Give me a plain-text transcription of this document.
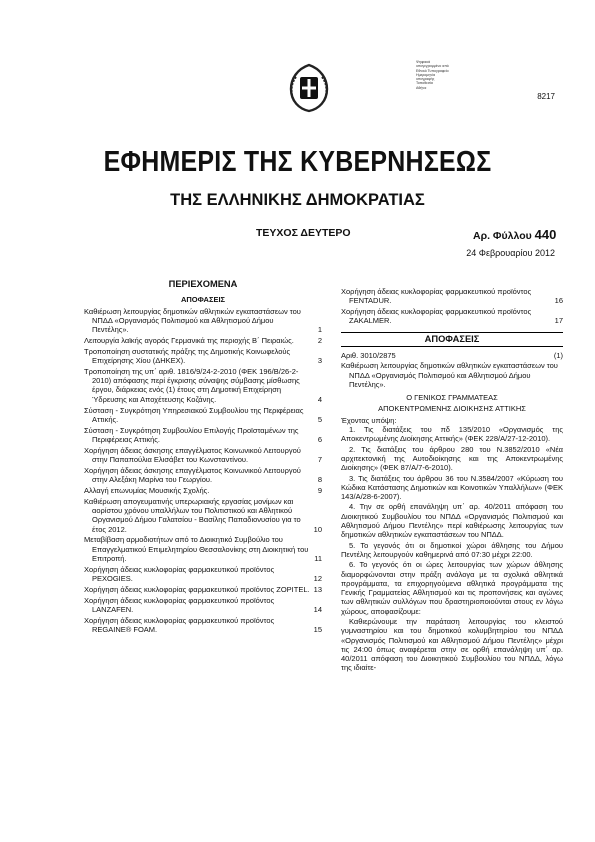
Ψηφιακά
υπογεγραμμένο από
Εθνικό Τυπογραφείο
Ημερομηνία
υπογραφής
Τοποθεσία
Αθήνα
8217
ΕΦΗΜΕΡΙΣ ΤΗΣ ΚΥΒΕΡΝΗΣΕΩΣ
ΤΗΣ ΕΛΛΗΝΙΚΗΣ ΔΗΜΟΚΡΑΤΙΑΣ
ΤΕΥΧΟΣ ΔΕΥΤΕΡΟ	Αρ. Φύλλου 440
24 Φεβρουαρίου 2012
ΠΕΡΙΕΧΟΜΕΝΑ
ΑΠΟΦΑΣΕΙΣ
Καθιέρωση λειτουργίας δημοτικών αθλητικών εγκαταστάσεων του ΝΠΔΔ «Οργανισμός Πολιτισμού και Αθλητισμού Δήμου Πεντέλης».	1
Λειτουργία λαϊκής αγοράς Γερμανικά της περιοχής Β΄ Πειραιώς.	2
Τροποποίηση συστατικής πράξης της Δημοτικής Κοινωφελούς Επιχείρησης Χίου (ΔΗΚΕΧ).	3
Τροποποίηση της υπ΄ αριθ. 1816/9/24-2-2010 (ΦΕΚ 196/Β/26-2-2010) απόφασης περί έγκρισης σύναψης σύμβασης μίσθωσης έργου, διάρκειας ενός (1) έτους στη Δημοτική Επιχείρηση Ύδρευσης και Αποχέτευσης Κοζάνης.	4
Σύσταση - Συγκρότηση Υπηρεσιακού Συμβουλίου της Περιφέρειας Αττικής.	5
Σύσταση - Συγκρότηση Συμβουλίου Επιλογής Προϊσταμένων της Περιφέρειας Αττικής.	6
Χορήγηση άδειας άσκησης επαγγέλματος Κοινωνικού Λειτουργού στην Παπαπούλια Ελισάβετ του Κωνσταντίνου.	7
Χορήγηση άδειας άσκησης επαγγέλματος Κοινωνικού Λειτουργού στην Αλεξάκη Μαρίνα του Γεωργίου.	8
Αλλαγή επωνυμίας Μουσικής Σχολής.	9
Καθιέρωση απογευματινής υπερωριακής εργασίας μονίμων και αορίστου χρόνου υπαλλήλων του Πολιτιστικού και Αθλητικού Οργανισμού Δήμου Γαλατσίου - Βασίλης Παπαδιονυσίου για το έτος 2012.	10
Μεταβίβαση αρμοδιοτήτων από το Διοικητικό Συμβούλιο του Επαγγελματικού Επιμελητηρίου Θεσσαλονίκης στη Διοικητική του Επιτροπή.	11
Χορήγηση άδειας κυκλοφορίας φαρμακευτικού προϊόντος PEXOGIES.	12
Χορήγηση άδειας κυκλοφορίας φαρμακευτικού προϊόντος ZOPITEL. 13
Χορήγηση άδειας κυκλοφορίας φαρμακευτικού προϊόντος LANZAFEN.	14
Χορήγηση άδειας κυκλοφορίας φαρμακευτικού προϊόντος REGAINE® FOAM.	15
Χορήγηση άδειας κυκλοφορίας φαρμακευτικού προϊόντος FENTADUR.	16
Χορήγηση άδειας κυκλοφορίας φαρμακευτικού προϊόντος ZAKALMER.	17
ΑΠΟΦΑΣΕΙΣ
Αριθ. 3010/2875	(1)
Καθιέρωση λειτουργίας δημοτικών αθλητικών εγκαταστάσεων του ΝΠΔΔ «Οργανισμός Πολιτισμού και Αθλητισμού Δήμου Πεντέλης».
Ο ΓΕΝΙΚΟΣ ΓΡΑΜΜΑΤΕΑΣ
ΑΠΟΚΕΝΤΡΩΜΕΝΗΣ ΔΙΟΙΚΗΣΗΣ ΑΤΤΙΚΗΣ
Έχοντας υπόψη:
1. Τις διατάξεις του πδ 135/2010 «Οργανισμός της Αποκεντρωμένης Διοίκησης Αττικής» (ΦΕΚ 228/Α/27-12-2010).
2. Τις διατάξεις του άρθρου 280 του Ν.3852/2010 «Νέα αρχιτεκτονική της Αυτοδιοίκησης και της Αποκεντρωμένης Διοίκησης» (ΦΕΚ 87/Α/7-6-2010).
3. Τις διατάξεις του άρθρου 36 του Ν.3584/2007 «Κύρωση του Κώδικα Κατάστασης Δημοτικών και Κοινοτικών Υπαλλήλων» (ΦΕΚ 143/Α/28-6-2007).
4. Την σε ορθή επανάληψη υπ΄ αρ. 40/2011 απόφαση του Διοικητικού Συμβουλίου του ΝΠΔΔ «Οργανισμός Πολιτισμού και Αθλητισμού Δήμου Πεντέλης» περί καθιέρωσης λειτουργίας των δημοτικών αθλητικών εγκαταστάσεων του ΝΠΔΔ.
5. Το γεγονός ότι οι δημοτικοί χώροι άθλησης του Δήμου Πεντέλης λειτουργούν καθημερινά από 07:30 μέχρι 22:00.
6. Το γεγονός ότι οι ώρες λειτουργίας των χώρων άθλησης διαμορφώνονται στην πράξη ανάλογα με τα σχολικά αθλητικά προγράμματα, τα επιχορηγούμενα αθλητικά προγράμματα της Γενικής Γραμματείας Αθλητισμού και τις προπονήσεις και αγώνες των αθλητικών συλλόγων που δραστηριοποιούνται στους εν λόγω χώρους, αποφασίζουμε:
Καθιερώνουμε την παράταση λειτουργίας του κλειστού γυμναστηρίου και του δημοτικού κολυμβητηρίου του ΝΠΔΔ «Οργανισμός Πολιτισμού και Αθλητισμού Δήμου Πεντέλης» μέχρι τις 24:00 όπως αναφέρεται στην σε ορθή επανάληψη υπ΄ αρ. 40/2011 απόφαση του Διοικητικού Συμβουλίου του ΝΠΔΔ, λόγω της ιδιαίτε-
